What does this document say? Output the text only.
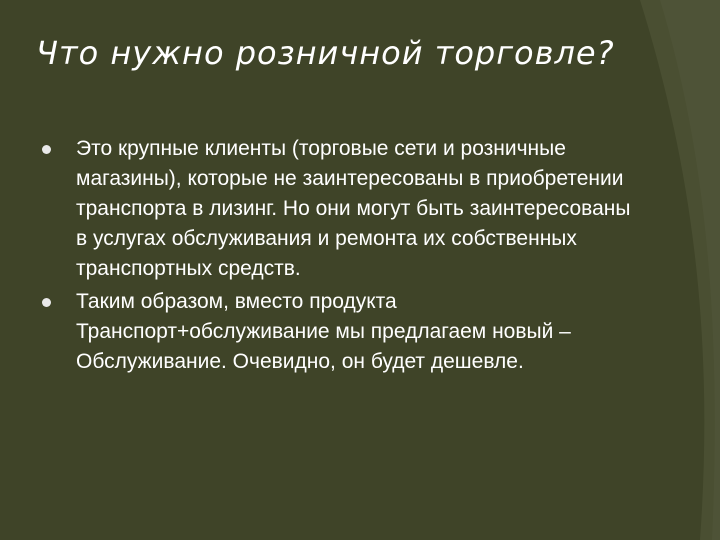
Что нужно розничной торговле?
Это крупные клиенты (торговые сети и розничные магазины), которые не заинтересованы в приобретении транспорта в лизинг. Но они могут быть заинтересованы в услугах обслуживания и ремонта их собственных транспортных средств.
Таким образом, вместо продукта Транспорт+обслуживание мы предлагаем новый – Обслуживание. Очевидно, он будет дешевле.
